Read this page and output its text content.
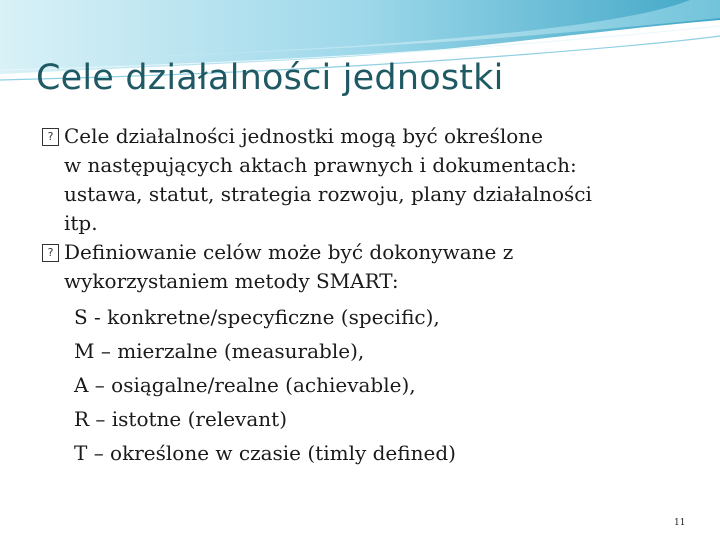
Cele działalności jednostki
? Cele działalności jednostki mogą być określone
w następujących aktach prawnych i dokumentach:
ustawa, statut, strategia rozwoju, plany działalności
itp.
? Definiowanie celów może być dokonywane z
wykorzystaniem metody SMART:
S - konkretne/specyficzne (specific),
M – mierzalne (measurable),
A – osiągalne/realne (achievable),
R – istotne (relevant)
T – określone w czasie (timly defined)
11
